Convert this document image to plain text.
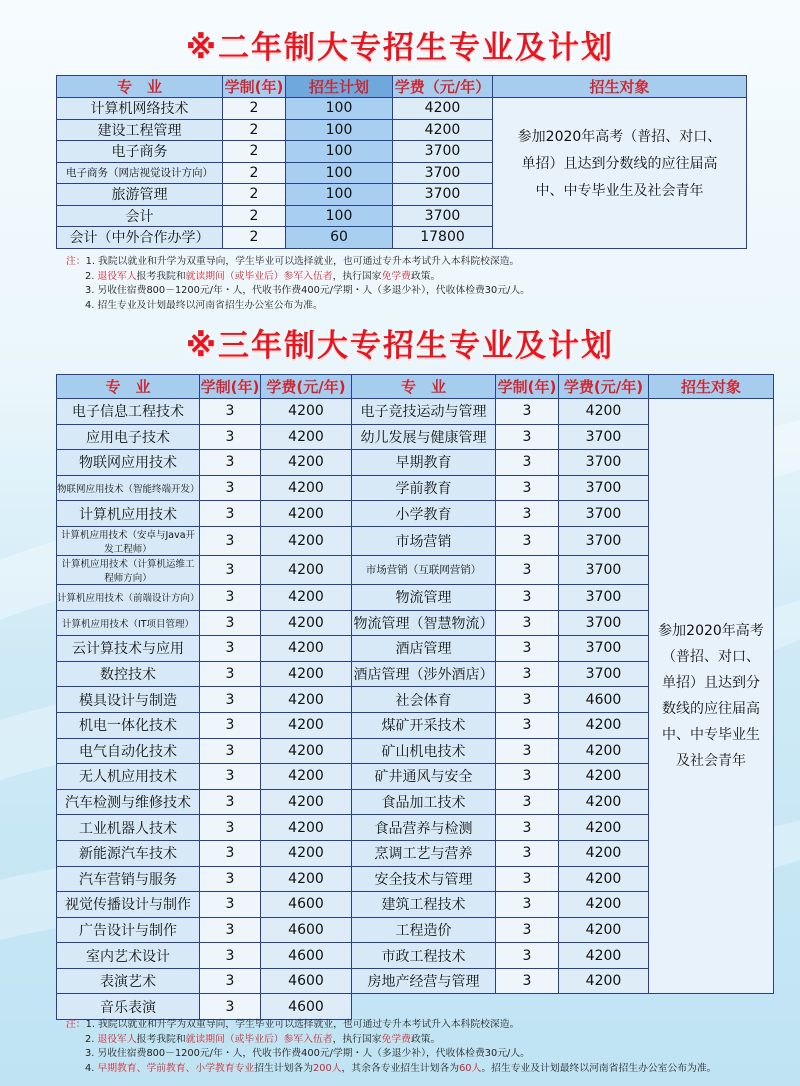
※二年制大专招生专业及计划
专　业	学制(年)	招生计划	学费（元/年）	招生对象
计算机网络技术	2	100	4200	参加2020年高考（普招、对口、单招）且达到分数线的应往届高中、中专毕业生及社会青年
建设工程管理	2	100	4200	
电子商务	2	100	3700	
电子商务（网店视觉设计方向）	2	100	3700	
旅游管理	2	100	3700	
会计	2	100	3700	
会计（中外合作办学）	2	60	17800	
注：1. 我院以就业和升学为双重导向，学生毕业可以选择就业，也可通过专升本考试升入本科院校深造。
2. 退役军人报考我院和就读期间（或毕业后）参军入伍者，执行国家免学费政策。
3. 另收住宿费800－1200元/年・人，代收书作费400元/学期・人（多退少补），代收体检费30元/人。
4. 招生专业及计划最终以河南省招生办公室公布为准。
※三年制大专招生专业及计划
专　业	学制(年)	学费(元/年)	专　业	学制(年)	学费(元/年)	招生对象
电子信息工程技术	3	4200	电子竞技运动与管理	3	4200	参加2020年高考（普招、对口、单招）且达到分数线的应往届高中、中专毕业生及社会青年
应用电子技术	3	4200	幼儿发展与健康管理	3	3700	
物联网应用技术	3	4200	早期教育	3	3700	
物联网应用技术（智能终端开发）	3	4200	学前教育	3	3700	
计算机应用技术	3	4200	小学教育	3	3700	
计算机应用技术（安卓与Java开发工程师）	3	4200	市场营销	3	3700	
计算机应用技术（计算机运维工程师方向）	3	4200	市场营销（互联网营销）	3	3700	
计算机应用技术（前端设计方向）	3	4200	物流管理	3	3700	
计算机应用技术（IT项目管理）	3	4200	物流管理（智慧物流）	3	3700	
云计算技术与应用	3	4200	酒店管理	3	3700	
数控技术	3	4200	酒店管理（涉外酒店）	3	3700	
模具设计与制造	3	4200	社会体育	3	4600	
机电一体化技术	3	4200	煤矿开采技术	3	4200	
电气自动化技术	3	4200	矿山机电技术	3	4200	
无人机应用技术	3	4200	矿井通风与安全	3	4200	
汽车检测与维修技术	3	4200	食品加工技术	3	4200	
工业机器人技术	3	4200	食品营养与检测	3	4200	
新能源汽车技术	3	4200	烹调工艺与营养	3	4200	
汽车营销与服务	3	4200	安全技术与管理	3	4200	
视觉传播设计与制作	3	4600	建筑工程技术	3	4200	
广告设计与制作	3	4600	工程造价	3	4200	
室内艺术设计	3	4600	市政工程技术	3	4200	
表演艺术	3	4600	房地产经营与管理	3	4200	
音乐表演	3	4600				
注：1. 我院以就业和升学为双重导向，学生毕业可以选择就业，也可通过专升本考试升入本科院校深造。
2. 退役军人报考我院和就读期间（或毕业后）参军入伍者，执行国家免学费政策。
3. 另收住宿费800－1200元/年・人，代收书作费400元/学期・人（多退少补），代收体检费30元/人。
4. 早期教育、学前教育、小学教育专业招生计划各为200人，其余各专业招生计划各为60人。招生专业及计划最终以河南省招生办公室公布为准。
